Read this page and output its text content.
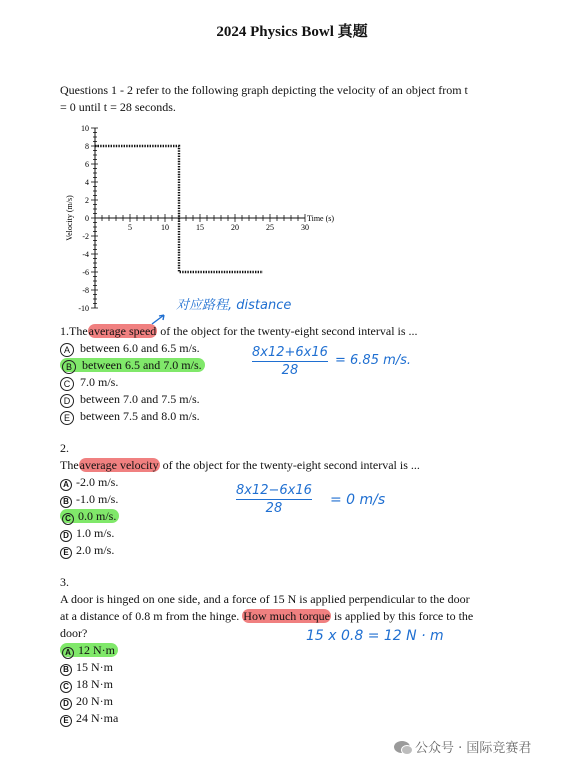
2024 Physics Bowl 真题
Questions 1 - 2 refer to the following graph depicting the velocity of an object from t
= 0 until t = 28 seconds.
10
8
6
4
2
0
-2
-4
-6
-8
-10
5	10	15	20	25	30
Velocity (m/s)	Time (s)
对应路程, distance
1.Theaverage speed of the object for the twenty-eight second interval is ...
A between 6.0 and 6.5 m/s.
B between 6.5 and 7.0 m/s.
C 7.0 m/s.
D between 7.0 and 7.5 m/s.
E between 7.5 and 8.0 m/s.
8x12+6x16
28
= 6.85 m/s.
2.
Theaverage velocity of the object for the twenty-eight second interval is ...
A -2.0 m/s.
B -1.0 m/s.
C 0.0 m/s.
D 1.0 m/s.
E 2.0 m/s.
8x12−6x16
28
= 0 m/s
3.
A door is hinged on one side, and a force of 15 N is applied perpendicular to the door
at a distance of 0.8 m from the hinge. How much torque is applied by this force to the
door?
A 12 N·m
B 15 N·m
C 18 N·m
D 20 N·m
E 24 N·ma
15 x 0.8 = 12 N · m
公众号 · 国际竞赛君
